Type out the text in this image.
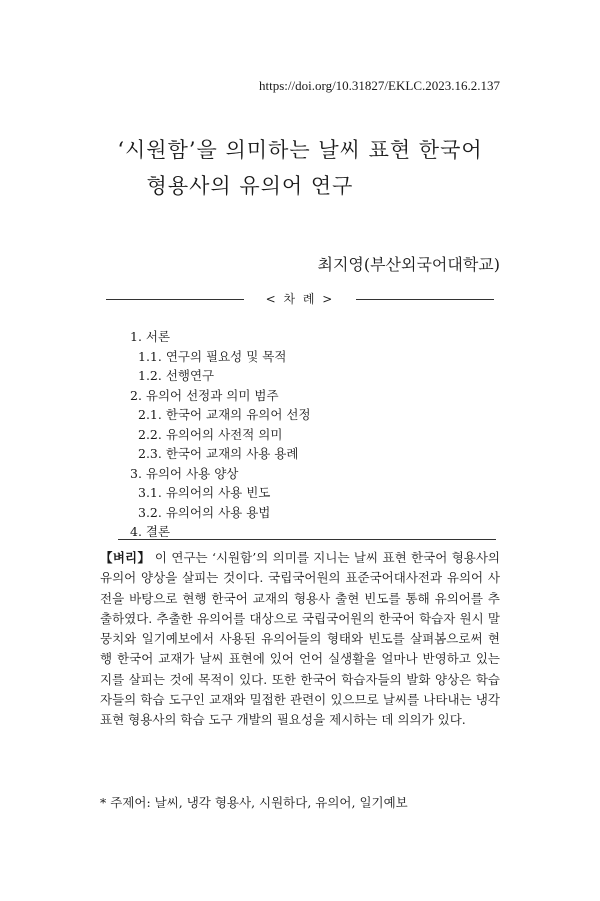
https://doi.org/10.31827/EKLC.2023.16.2.137
‘시원함’을 의미하는 날씨 표현 한국어
형용사의 유의어 연구
최지영(부산외국어대학교)
< 차 례 >
1. 서론
1.1. 연구의 필요성 및 목적
1.2. 선행연구
2. 유의어 선정과 의미 범주
2.1. 한국어 교재의 유의어 선정
2.2. 유의어의 사전적 의미
2.3. 한국어 교재의 사용 용례
3. 유의어 사용 양상
3.1. 유의어의 사용 빈도
3.2. 유의어의 사용 용법
4. 결론
【벼리】 이 연구는 ‘시원함’의 의미를 지니는 날씨 표현 한국어 형용사의 유의어 양상을 살피는 것이다. 국립국어원의 표준국어대사전과 유의어 사전을 바탕으로 현행 한국어 교재의 형용사 출현 빈도를 통해 유의어를 추출하였다. 추출한 유의어를 대상으로 국립국어원의 한국어 학습자 원시 말뭉치와 일기예보에서 사용된 유의어들의 형태와 빈도를 살펴봄으로써 현행 한국어 교재가 날씨 표현에 있어 언어 실생활을 얼마나 반영하고 있는지를 살피는 것에 목적이 있다. 또한 한국어 학습자들의 발화 양상은 학습자들의 학습 도구인 교재와 밀접한 관련이 있으므로 날씨를 나타내는 냉각 표현 형용사의 학습 도구 개발의 필요성을 제시하는 데 의의가 있다.
* 주제어: 날씨, 냉각 형용사, 시원하다, 유의어, 일기예보
